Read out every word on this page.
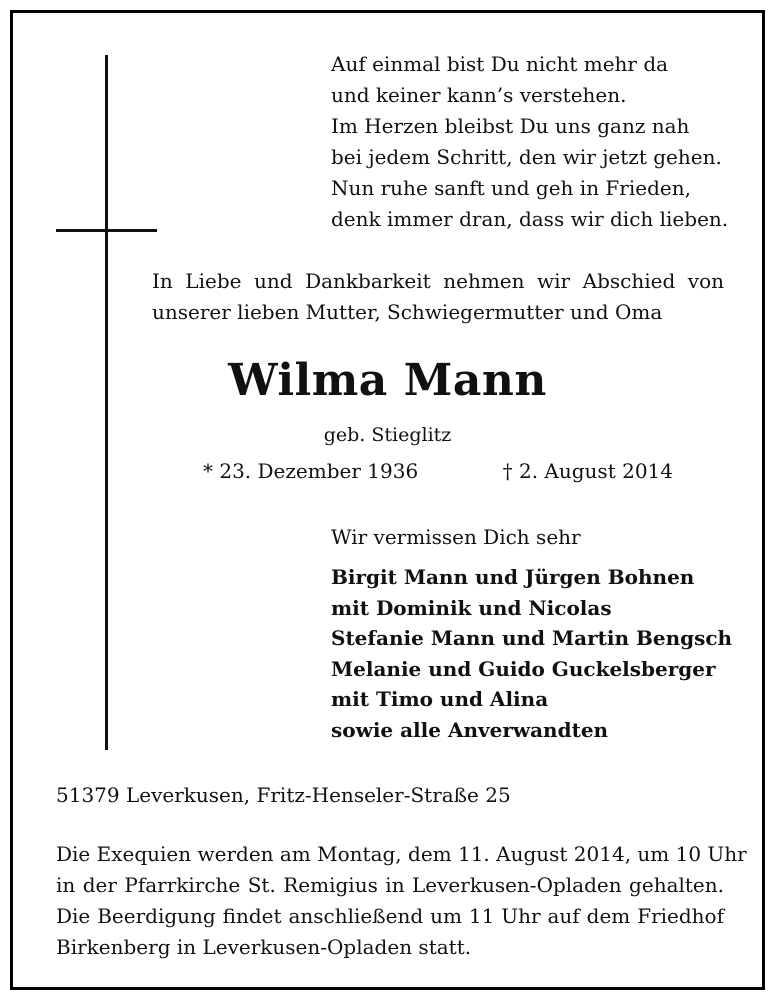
Auf einmal bist Du nicht mehr da
und keiner kann’s verstehen.
Im Herzen bleibst Du uns ganz nah
bei jedem Schritt, den wir jetzt gehen.
Nun ruhe sanft und geh in Frieden,
denk immer dran, dass wir dich lieben.
In Liebe und Dankbarkeit nehmen wir Abschied von
unserer lieben Mutter, Schwiegermutter und Oma
Wilma Mann
geb. Stieglitz
* 23. Dezember 1936	† 2. August 2014
Wir vermissen Dich sehr
Birgit Mann und Jürgen Bohnen
mit Dominik und Nicolas
Stefanie Mann und Martin Bengsch
Melanie und Guido Guckelsberger
mit Timo und Alina
sowie alle Anverwandten
51379 Leverkusen, Fritz-Henseler-Straße 25
Die Exequien werden am Montag, dem 11. August 2014, um 10 Uhr
in der Pfarrkirche St. Remigius in Leverkusen-Opladen gehalten.
Die Beerdigung findet anschließend um 11 Uhr auf dem Friedhof
Birkenberg in Leverkusen-Opladen statt.
